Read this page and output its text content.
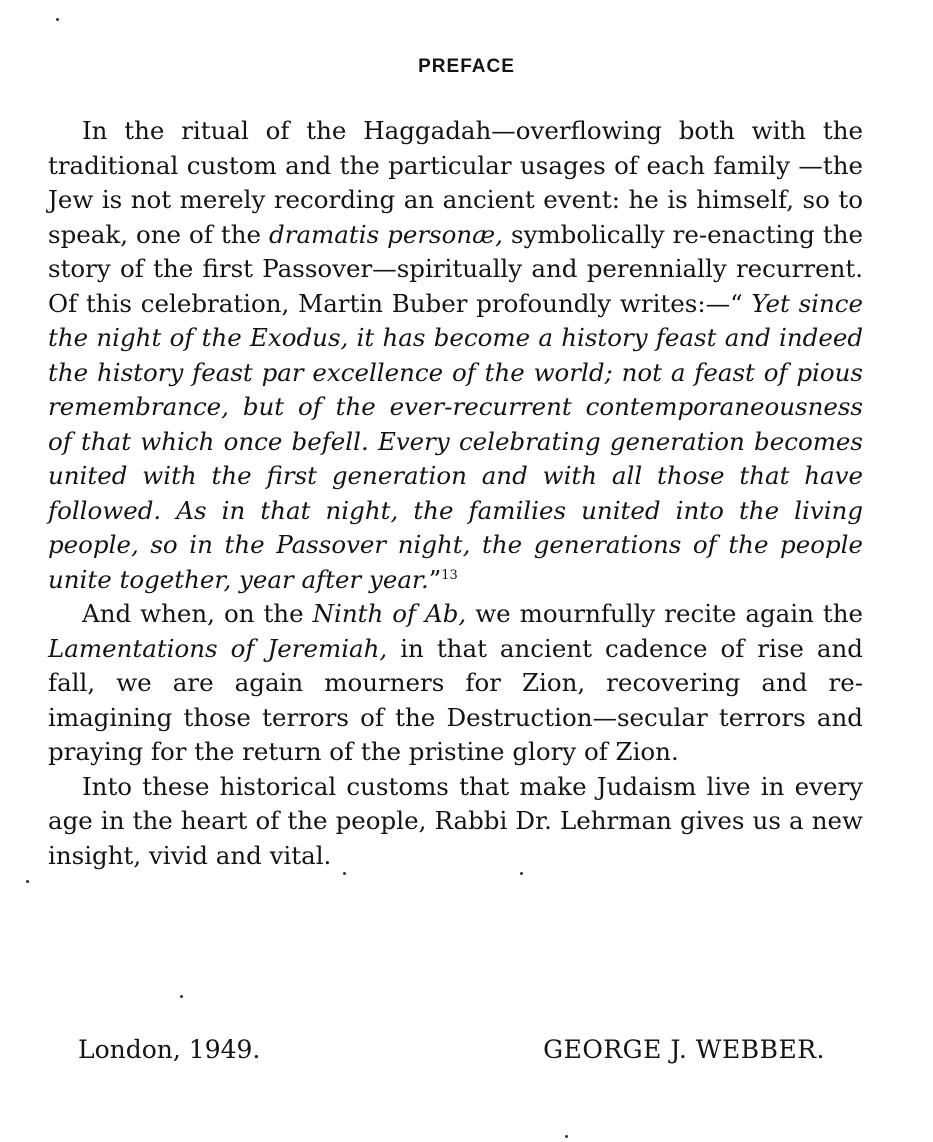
PREFACE

In the ritual of the Haggadah—overflowing both with the traditional custom and the particular usages of each family —the Jew is not merely recording an ancient event: he is himself, so to speak, one of the dramatis personæ, symbolically re-enacting the story of the first Passover—spiritually and perennially recurrent. Of this celebration, Martin Buber profoundly writes:—“ Yet since the night of the Exodus, it has become a history feast and indeed the history feast par excellence of the world; not a feast of pious remembrance, but of the ever-recurrent contemporaneousness of that which once befell. Every celebrating generation becomes united with the first generation and with all those that have followed. As in that night, the families united into the living people, so in the Passover night, the generations of the people unite together, year after year.”$^{13}$

And when, on the Ninth of Ab, we mournfully recite again the Lamentations of Jeremiah, in that ancient cadence of rise and fall, we are again mourners for Zion, recovering and re-imagining those terrors of the Destruction—secular terrors and praying for the return of the pristine glory of Zion.

Into these historical customs that make Judaism live in every age in the heart of the people, Rabbi Dr. Lehrman gives us a new insight, vivid and vital.

London, 1949.	GEORGE J. WEBBER.
